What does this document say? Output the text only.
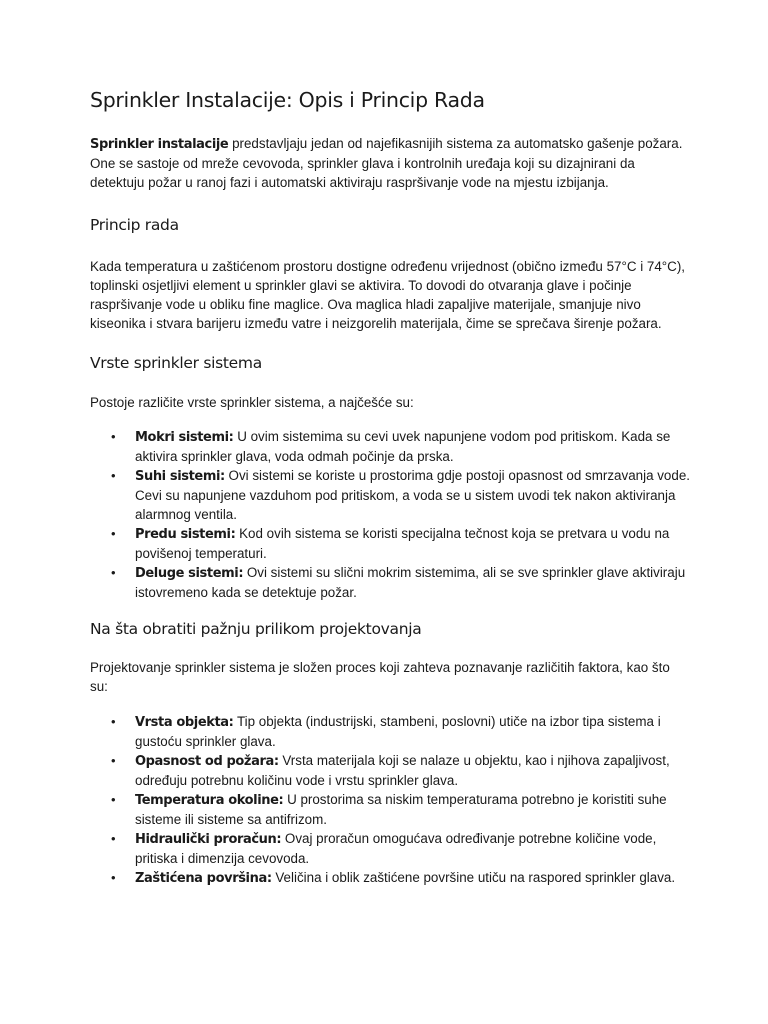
Sprinkler Instalacije: Opis i Princip Rada

Sprinkler instalacije predstavljaju jedan od najefikasnijih sistema za automatsko gašenje požara. One se sastoje od mreže cevovoda, sprinkler glava i kontrolnih uređaja koji su dizajnirani da detektuju požar u ranoj fazi i automatski aktiviraju raspršivanje vode na mjestu izbijanja.

Princip rada

Kada temperatura u zaštićenom prostoru dostigne određenu vrijednost (obično između 57°C i 74°C), toplinski osjetljivi element u sprinkler glavi se aktivira. To dovodi do otvaranja glave i počinje raspršivanje vode u obliku fine maglice. Ova maglica hladi zapaljive materijale, smanjuje nivo kiseonika i stvara barijeru između vatre i neizgorelih materijala, čime se sprečava širenje požara.

Vrste sprinkler sistema

Postoje različite vrste sprinkler sistema, a najčešće su:

• Mokri sistemi: U ovim sistemima su cevi uvek napunjene vodom pod pritiskom. Kada se aktivira sprinkler glava, voda odmah počinje da prska.
• Suhi sistemi: Ovi sistemi se koriste u prostorima gdje postoji opasnost od smrzavanja vode. Cevi su napunjene vazduhom pod pritiskom, a voda se u sistem uvodi tek nakon aktiviranja alarmnog ventila.
• Predu sistemi: Kod ovih sistema se koristi specijalna tečnost koja se pretvara u vodu na povišenoj temperaturi.
• Deluge sistemi: Ovi sistemi su slični mokrim sistemima, ali se sve sprinkler glave aktiviraju istovremeno kada se detektuje požar.
Na šta obratiti pažnju prilikom projektovanja

Projektovanje sprinkler sistema je složen proces koji zahteva poznavanje različitih faktora, kao što su:

• Vrsta objekta: Tip objekta (industrijski, stambeni, poslovni) utiče na izbor tipa sistema i gustoću sprinkler glava.
• Opasnost od požara: Vrsta materijala koji se nalaze u objektu, kao i njihova zapaljivost, određuju potrebnu količinu vode i vrstu sprinkler glava.
• Temperatura okoline: U prostorima sa niskim temperaturama potrebno je koristiti suhe sisteme ili sisteme sa antifrizom.
• Hidraulički proračun: Ovaj proračun omogućava određivanje potrebne količine vode, pritiska i dimenzija cevovoda.
• Zaštićena površina: Veličina i oblik zaštićene površine utiču na raspored sprinkler glava.
